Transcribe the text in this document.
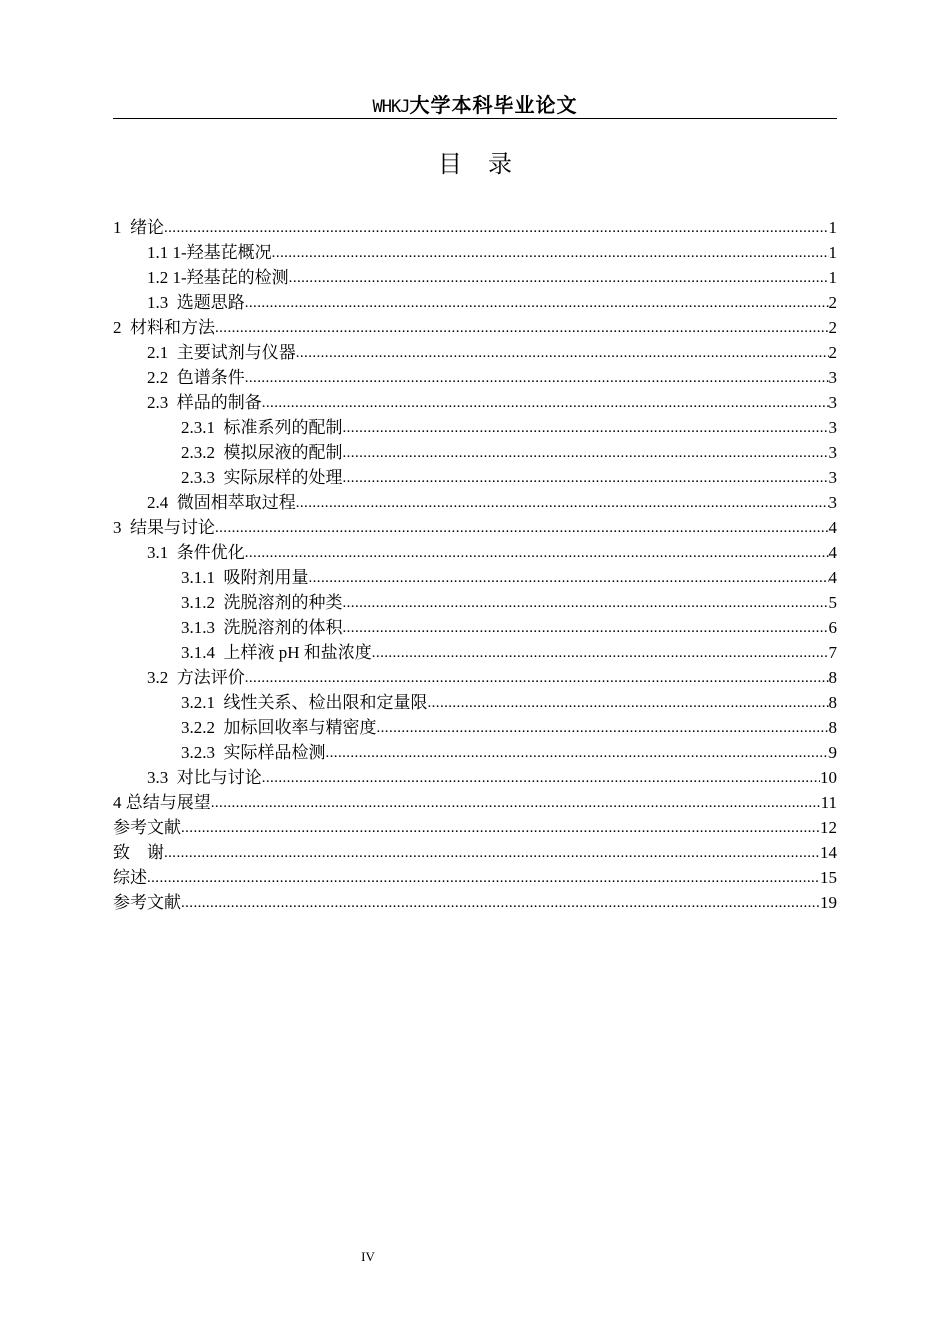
WHKJ大学本科毕业论文
目录
1  绪论 .....	1
1.1 1-羟基芘概况 .....	1
1.2 1-羟基芘的检测 .....	1
1.3  选题思路 .....	2
2  材料和方法 .....	2
2.1  主要试剂与仪器 .....	2
2.2  色谱条件 .....	3
2.3  样品的制备 .....	3
2.3.1  标准系列的配制 .....	3
2.3.2  模拟尿液的配制 .....	3
2.3.3  实际尿样的处理 .....	3
2.4  微固相萃取过程 .....	3
3  结果与讨论 .....	4
3.1  条件优化 .....	4
3.1.1  吸附剂用量 .....	4
3.1.2  洗脱溶剂的种类 .....	5
3.1.3  洗脱溶剂的体积 .....	6
3.1.4  上样液 pH 和盐浓度 .....	7
3.2  方法评价 .....	8
3.2.1  线性关系、检出限和定量限 .....	8
3.2.2  加标回收率与精密度 .....	8
3.2.3  实际样品检测 .....	9
3.3  对比与讨论 .....	10
4 总结与展望 .....	11
参考文献 .....	12
致    谢 .....	14
综述 .....	15
参考文献 .....	19
IV
